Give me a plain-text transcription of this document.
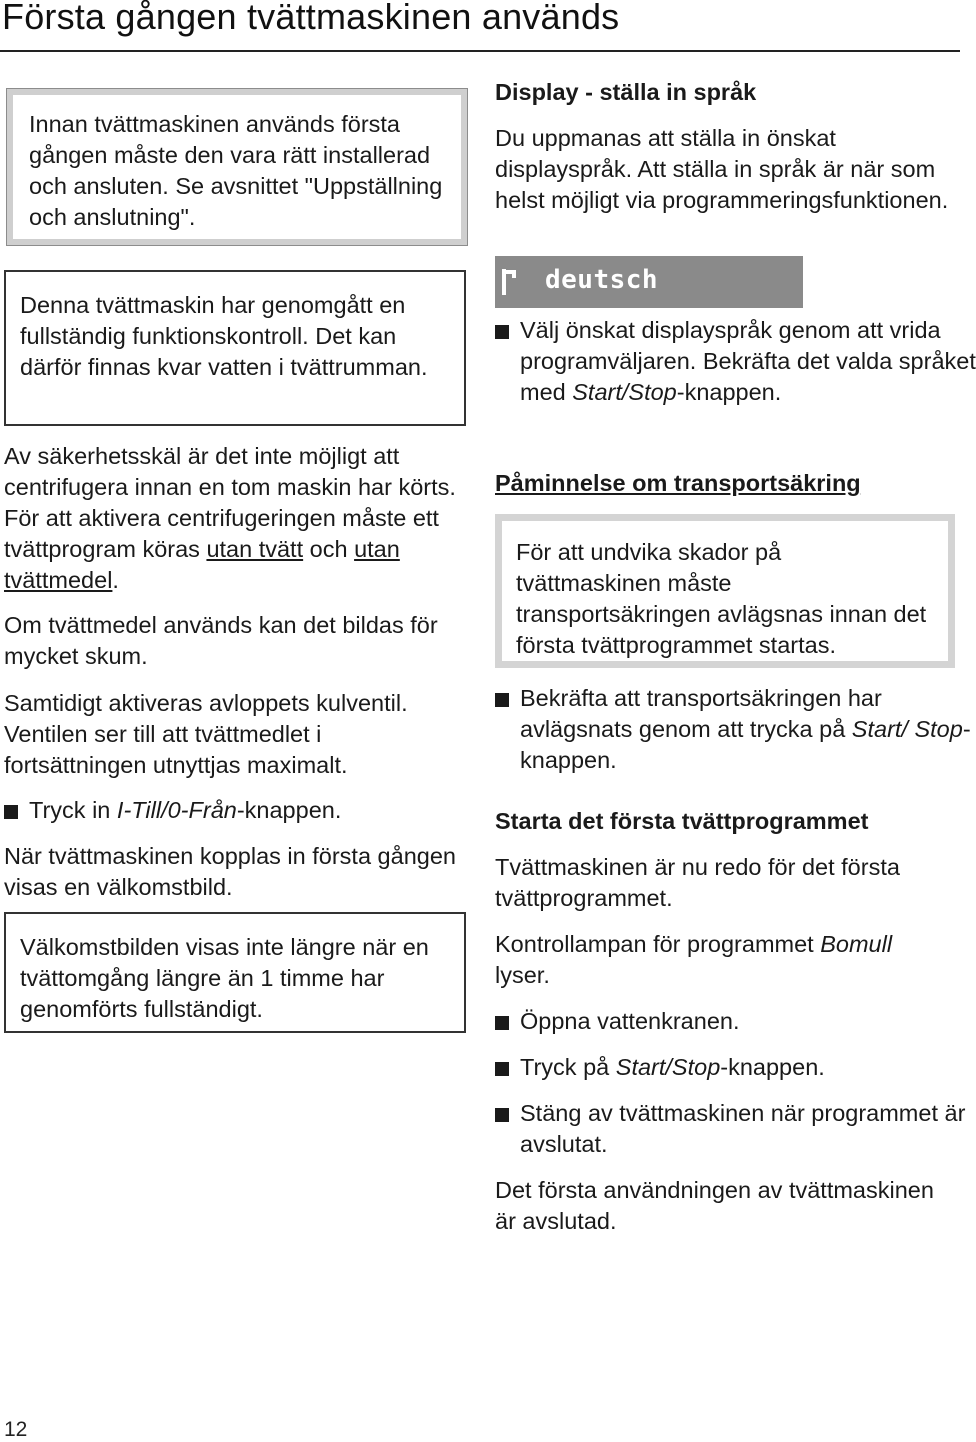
Första gången tvättmaskinen används
Innan tvättmaskinen används första gången måste den vara rätt installerad och ansluten. Se avsnittet "Uppställning och anslutning".
Denna tvättmaskin har genomgått en fullständig funktionskontroll. Det kan därför finnas kvar vatten i tvättrumman.

Av säkerhetsskäl är det inte möjligt att centrifugera innan en tom maskin har körts. För att aktivera centrifugeringen måste ett tvättprogram köras utan tvätt och utan tvättmedel.

Om tvättmedel används kan det bildas för mycket skum.

Samtidigt aktiveras avloppets kulventil. Ventilen ser till att tvättmedlet i fortsättningen utnyttjas maximalt.

Tryck in I-Till/0-Från-knappen.

När tvättmaskinen kopplas in första gången visas en välkomstbild.

Välkomstbilden visas inte längre när en tvättomgång längre än 1 timme har genomförts fullständigt.
Display - ställa in språk

Du uppmanas att ställa in önskat displayspråk. Att ställa in språk är när som helst möjligt via programmeringsfunktionen.

deutsch

Välj önskat displayspråk genom att vrida programväljaren. Bekräfta det valda språket med Start/Stop-knappen.

Påminnelse om transportsäkring
För att undvika skador på tvättmaskinen måste transportsäkringen avlägsnas innan det första tvättprogrammet startas.

Bekräfta att transportsäkringen har avlägsnats genom att trycka på Start/ Stop-knappen.

Starta det första tvättprogrammet

Tvättmaskinen är nu redo för det första tvättprogrammet.

Kontrollampan för programmet Bomull lyser.

Öppna vattenkranen.

Tryck på Start/Stop-knappen.

Stäng av tvättmaskinen när programmet är avslutat.

Det första användningen av tvättmaskinen är avslutad.

12
